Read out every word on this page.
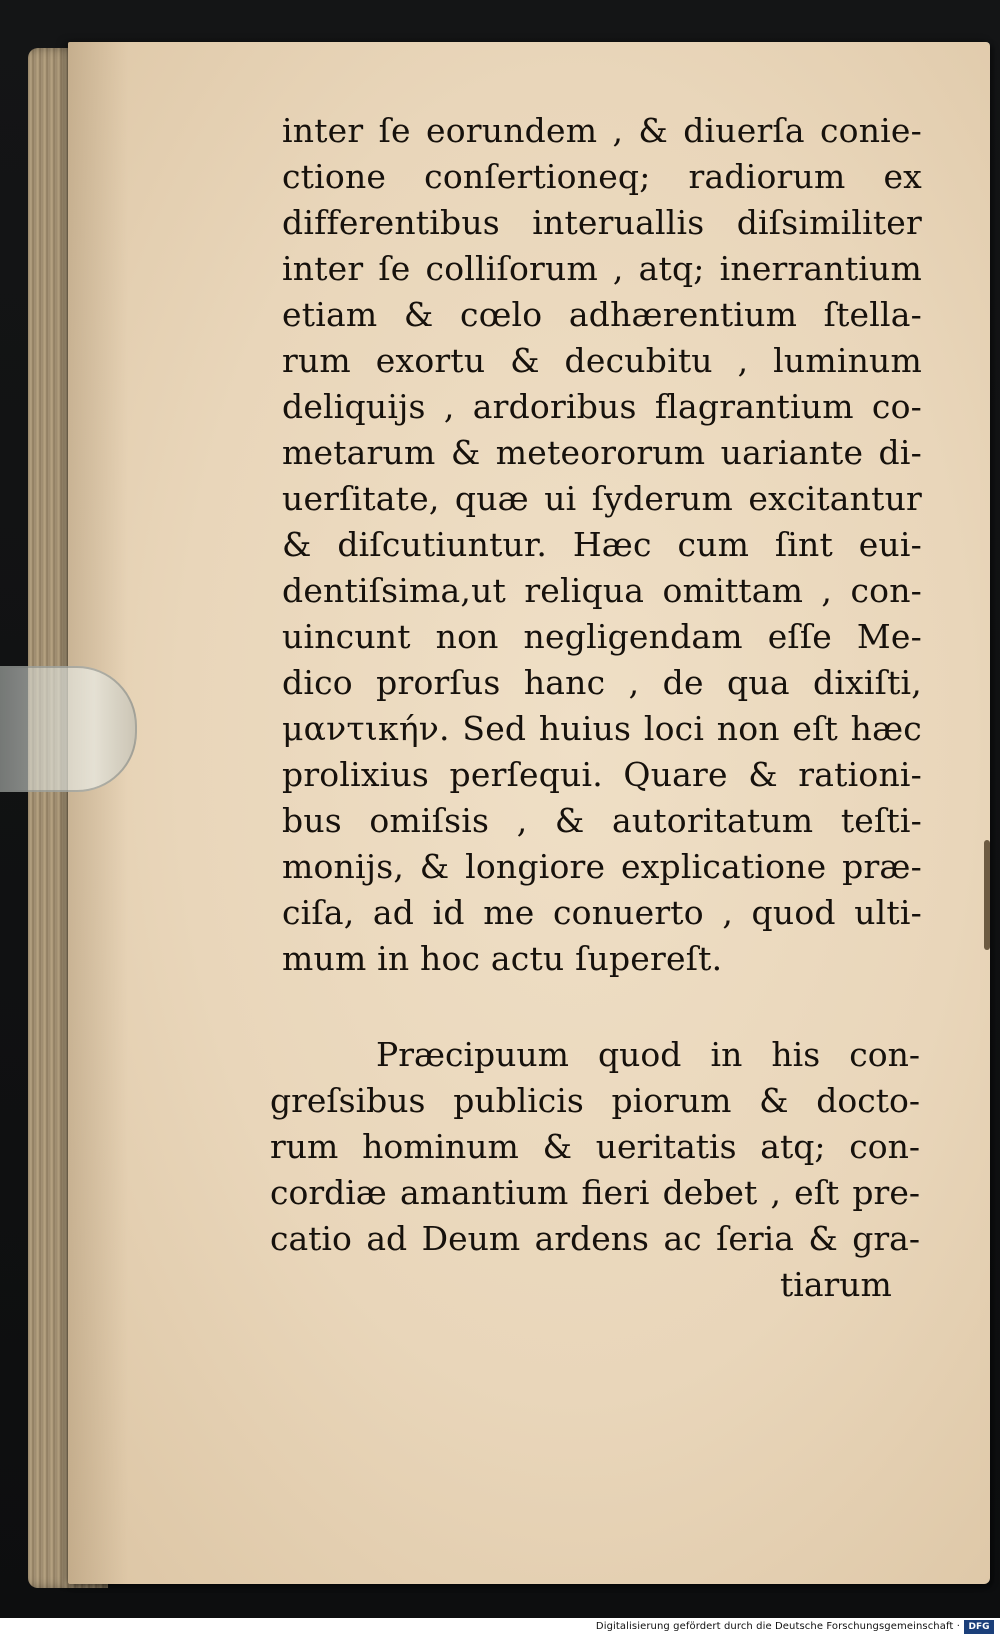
inter ſe eorundem , & diuerſa conie-
ctione conſertioneq; radiorum ex
differentibus interuallis diſsimiliter
inter ſe colliſorum , atq; inerrantium
etiam & cœlo adhærentium ſtella-
rum exortu & decubitu , luminum
deliquijs , ardoribus flagrantium co-
metarum & meteororum uariante di-
uerſitate, quæ ui ſyderum excitantur
& diſcutiuntur. Hæc cum ſint eui-
dentiſsima,ut reliqua omittam , con-
uincunt non negligendam eſſe Me-
dico prorſus hanc , de qua dixiſti,
μαντικήν. Sed huius loci non eſt hæc
prolixius perſequi. Quare & rationi-
bus omiſsis , & autoritatum teſti-
monijs, & longiore explicatione præ-
ciſa, ad id me conuerto , quod ulti-
mum in hoc actu ſupereſt.
Præcipuum quod in his con-
greſsibus publicis piorum & docto-
rum hominum & ueritatis atq; con-
cordiæ amantium fieri debet , eſt pre-
catio ad Deum ardens ac ſeria & gra-
tiarum
Digitalisierung gefördert durch die Deutsche Forschungsgemeinschaft · DFG
